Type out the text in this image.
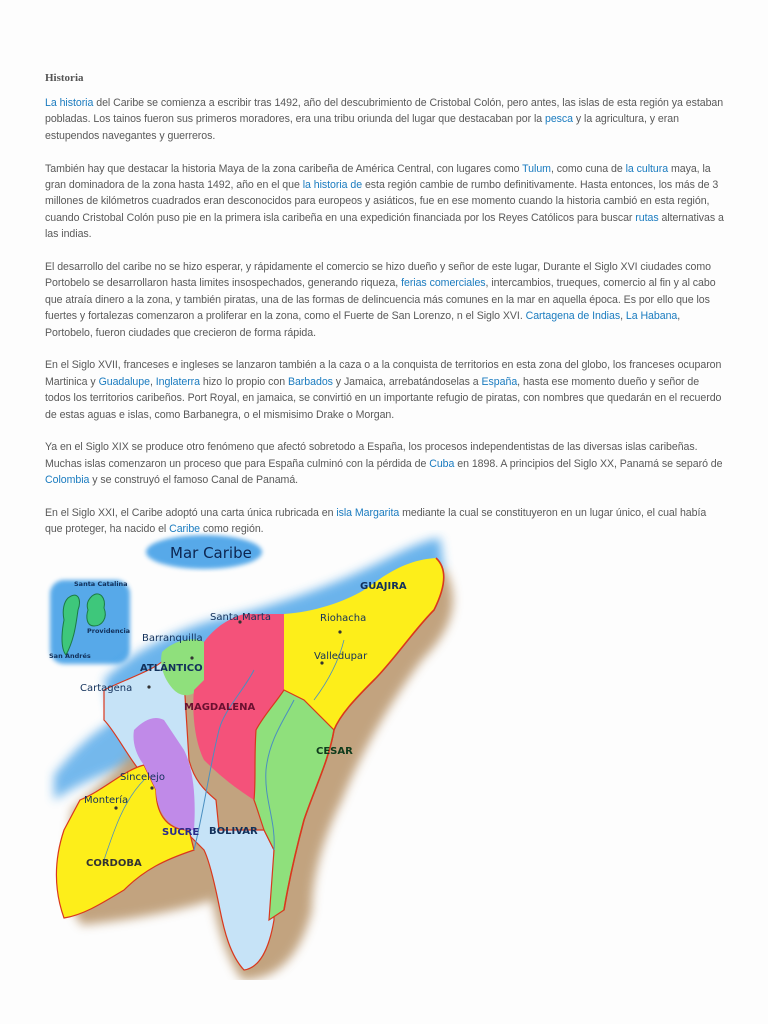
Historia

La historia del Caribe se comienza a escribir tras 1492, año del descubrimiento de Cristobal Colón, pero antes, las islas de esta región ya estaban pobladas. Los tainos fueron sus primeros moradores, era una tribu oriunda del lugar que destacaban por la pesca y la agricultura, y eran estupendos navegantes y guerreros.

También hay que destacar la historia Maya de la zona caribeña de América Central, con lugares como Tulum, como cuna de la cultura maya, la gran dominadora de la zona hasta 1492, año en el que la historia de esta región cambie de rumbo definitivamente. Hasta entonces, los más de 3 millones de kilómetros cuadrados eran desconocidos para europeos y asiáticos, fue en ese momento cuando la historia cambió en esta región, cuando Cristobal Colón puso pie en la primera isla caribeña en una expedición financiada por los Reyes Católicos para buscar rutas alternativas a las indias.

El desarrollo del caribe no se hizo esperar, y rápidamente el comercio se hizo dueño y señor de este lugar, Durante el Siglo XVI ciudades como Portobelo se desarrollaron hasta limites insospechados, generando riqueza, ferias comerciales, intercambios, trueques, comercio al fin y al cabo que atraía dinero a la zona, y también piratas, una de las formas de delincuencia más comunes en la mar en aquella época. Es por ello que los fuertes y fortalezas comenzaron a proliferar en la zona, como el Fuerte de San Lorenzo, n el Siglo XVI. Cartagena de Indias, La Habana, Portobelo, fueron ciudades que crecieron de forma rápida.

En el Siglo XVII, franceses e ingleses se lanzaron también a la caza o a la conquista de territorios en esta zona del globo, los franceses ocuparon Martinica y Guadalupe, Inglaterra hizo lo propio con Barbados y Jamaica, arrebatándoselas a España, hasta ese momento dueño y señor de todos los territorios caribeños. Port Royal, en jamaica, se convirtió en un importante refugio de piratas, con nombres que quedarán en el recuerdo de estas aguas e islas, como Barbanegra, o el mismisimo Drake o Morgan.

Ya en el Siglo XIX se produce otro fenómeno que afectó sobretodo a España, los procesos independentistas de las diversas islas caribeñas. Muchas islas comenzaron un proceso que para España culminó con la pérdida de Cuba en 1898. A principios del Siglo XX, Panamá se separó de Colombia y se construyó el famoso Canal de Panamá.

En el Siglo XXI, el Caribe adoptó una carta única rubricada en isla Margarita mediante la cual se constituyeron en un lugar único, el cual había que proteger, ha nacido el Caribe como región.

Mar Caribe
Santa Catalina
Providencia
San Andrés
Santa Marta
Barranquilla
Riohacha
Cartagena
Valledupar
Sincelejo
Montería
GUAJIRA
ATLÁNTICO
MAGDALENA
CESAR
SUCRE BOLIVAR
CORDOBA
